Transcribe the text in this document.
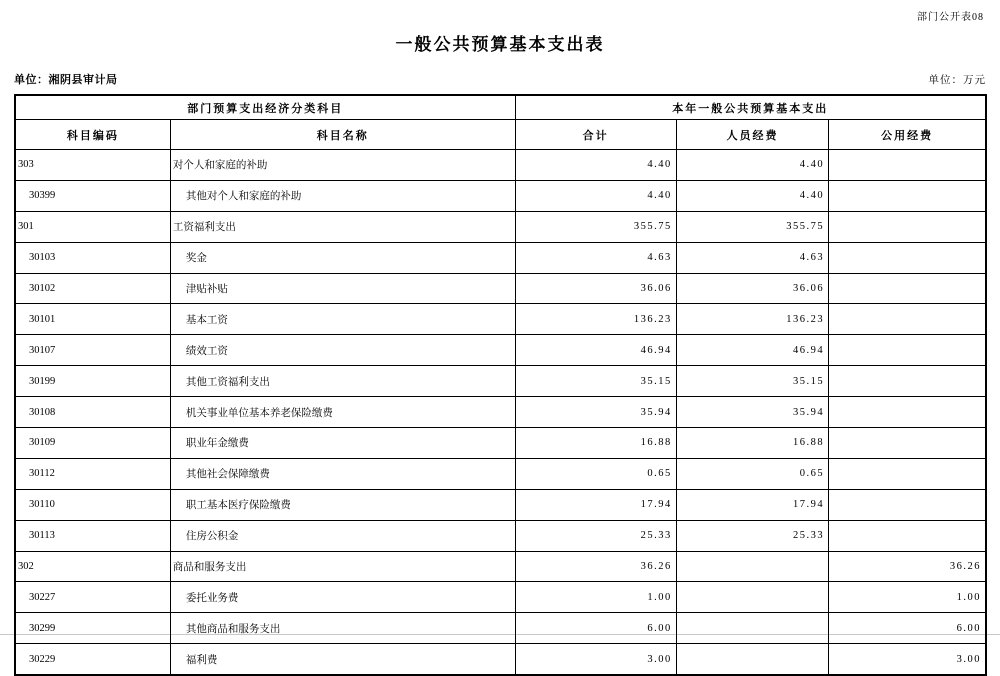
部门公开表08
一般公共预算基本支出表
单位：湘阴县审计局	单位：万元
部门预算支出经济分类科目		本年一般公共预算基本支出		
科目编码	科目名称	合计	人员经费	公用经费
303	对个人和家庭的补助	4.40	4.40	
30399	其他对个人和家庭的补助	4.40	4.40	
301	工资福利支出	355.75	355.75	
30103	奖金	4.63	4.63	
30102	津贴补贴	36.06	36.06	
30101	基本工资	136.23	136.23	
30107	绩效工资	46.94	46.94	
30199	其他工资福利支出	35.15	35.15	
30108	机关事业单位基本养老保险缴费	35.94	35.94	
30109	职业年金缴费	16.88	16.88	
30112	其他社会保障缴费	0.65	0.65	
30110	职工基本医疗保险缴费	17.94	17.94	
30113	住房公积金	25.33	25.33	
302	商品和服务支出	36.26		36.26
30227	委托业务费	1.00		1.00
30299	其他商品和服务支出	6.00		6.00
30229	福利费	3.00		3.00
